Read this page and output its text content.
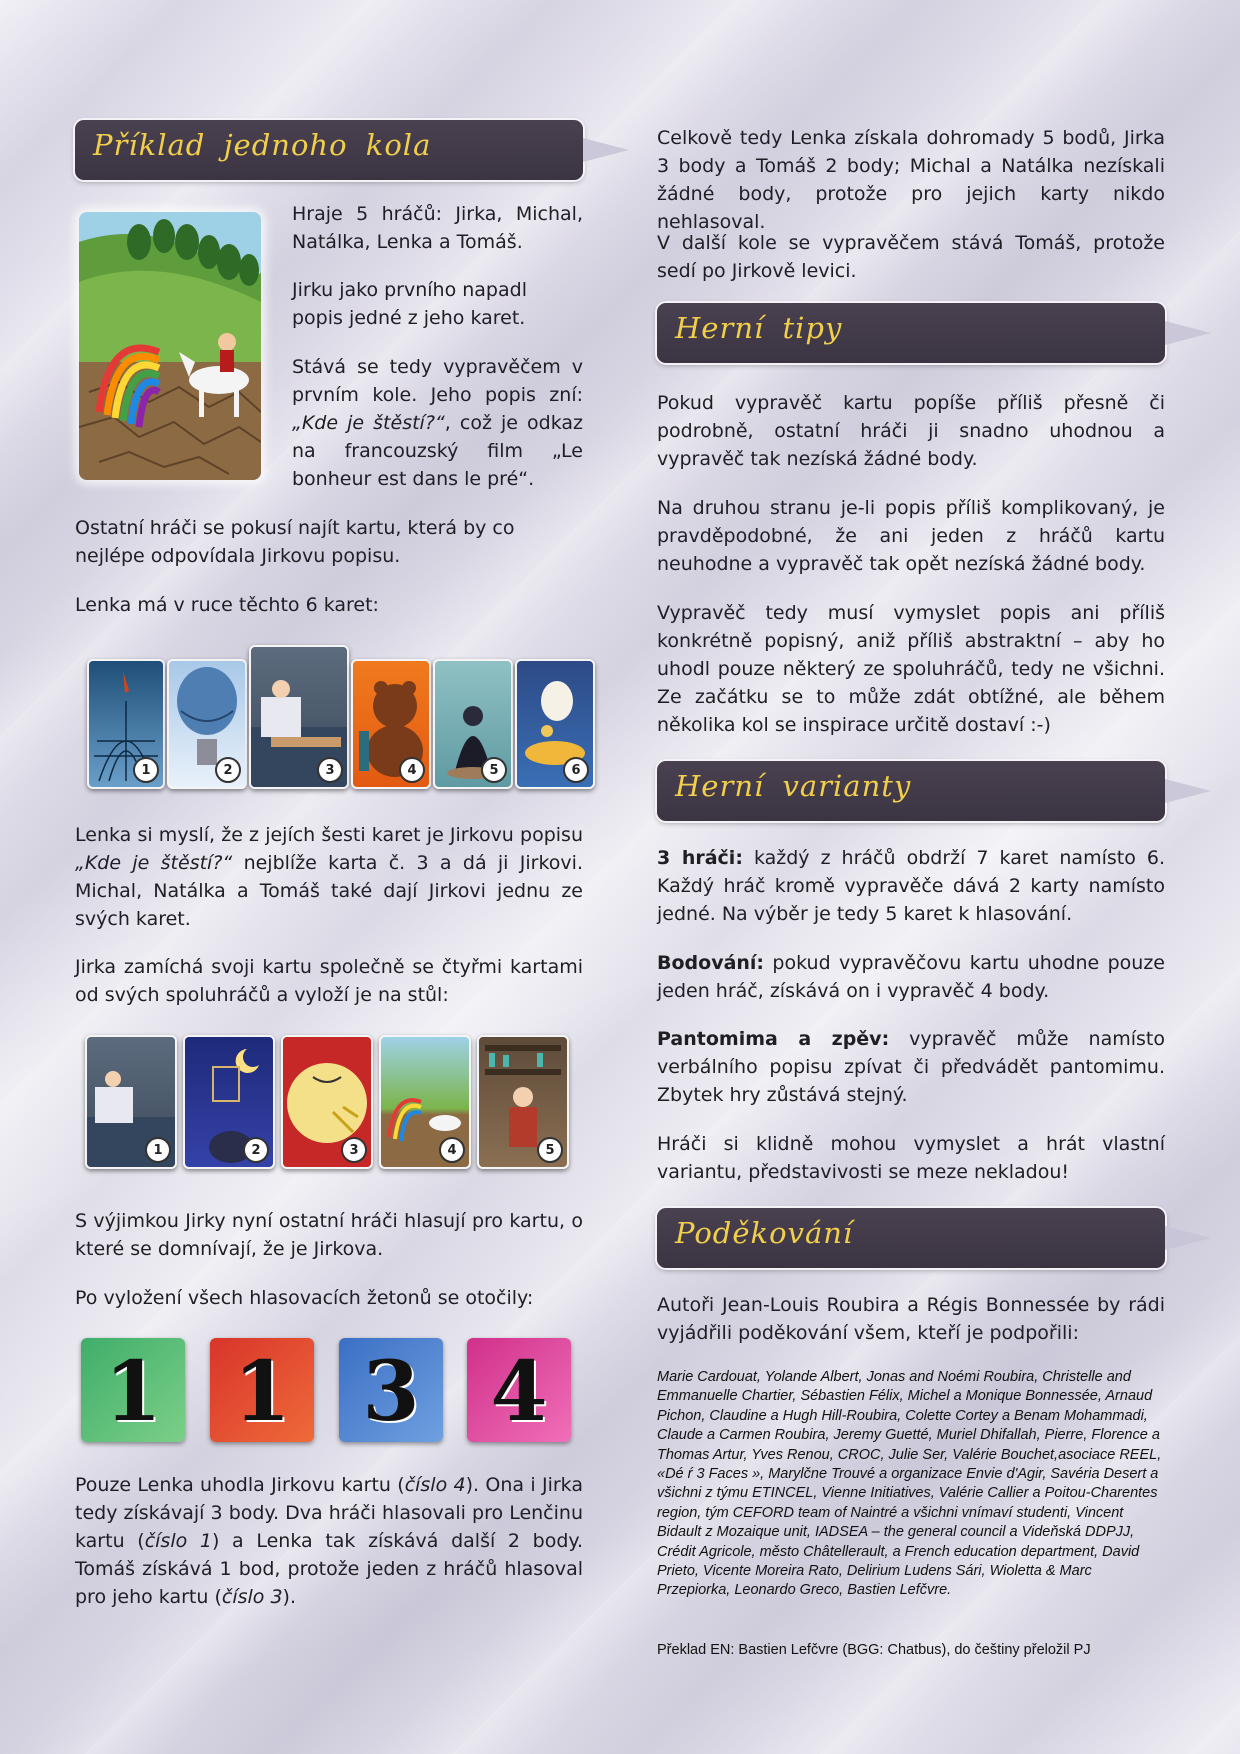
Příklad jednoho kola

Hraje 5 hráčů: Jirka, Michal, Natálka, Lenka a Tomáš.

Jirku jako prvního napadl popis jedné z jeho karet.

Stává se tedy vypravěčem v prvním kole. Jeho popis zní: „Kde je štěstí?“, což je odkaz na francouzský film „Le bonheur est dans le pré“.

Ostatní hráči se pokusí najít kartu, která by co nejlépe odpovídala Jirkovu popisu.

Lenka má v ruce těchto 6 karet:

1	2	3	4	5	6

Lenka si myslí, že z jejích šesti karet je Jirkovu popisu „Kde je štěstí?“ nejblíže karta č. 3 a dá ji Jirkovi. Michal, Natálka a Tomáš také dají Jirkovi jednu ze svých karet.

Jirka zamíchá svoji kartu společně se čtyřmi kartami od svých spoluhráčů a vyloží je na stůl:

1	2	3	4	5

S výjimkou Jirky nyní ostatní hráči hlasují pro kartu, o které se domnívají, že je Jirkova.

Po vyložení všech hlasovacích žetonů se otočily:

1 1 3 4

Pouze Lenka uhodla Jirkovu kartu (číslo 4). Ona i Jirka tedy získávají 3 body. Dva hráči hlasovali pro Lenčinu kartu (číslo 1) a Lenka tak získává další 2 body. Tomáš získává 1 bod, protože jeden z hráčů hlasoval pro jeho kartu (číslo 3).

Celkově tedy Lenka získala dohromady 5 bodů, Jirka 3 body a Tomáš 2 body; Michal a Natálka nezískali žádné body, protože pro jejich karty nikdo nehlasoval.

V další kole se vypravěčem stává Tomáš, protože sedí po Jirkově levici.

Herní tipy

Pokud vypravěč kartu popíše příliš přesně či podrobně, ostatní hráči ji snadno uhodnou a vypravěč tak nezíská žádné body.

Na druhou stranu je-li popis příliš komplikovaný, je pravděpodobné, že ani jeden z hráčů kartu neuhodne a vypravěč tak opět nezíská žádné body.

Vypravěč tedy musí vymyslet popis ani příliš konkrétně popisný, aniž příliš abstraktní – aby ho uhodl pouze některý ze spoluhráčů, tedy ne všichni. Ze začátku se to může zdát obtížné, ale během několika kol se inspirace určitě dostaví :-)

Herní varianty

3 hráči: každý z hráčů obdrží 7 karet namísto 6. Každý hráč kromě vypravěče dává 2 karty namísto jedné. Na výběr je tedy 5 karet k hlasování.

Bodování: pokud vypravěčovu kartu uhodne pouze jeden hráč, získává on i vypravěč 4 body.

Pantomima a zpěv: vypravěč může namísto verbálního popisu zpívat či předvádět pantomimu. Zbytek hry zůstává stejný.

Hráči si klidně mohou vymyslet a hrát vlastní variantu, představivosti se meze nekladou!

Poděkování

Autoři Jean-Louis Roubira a Régis Bonnessée by rádi vyjádřili poděkování všem, kteří je podpořili:

Marie Cardouat, Yolande Albert, Jonas and Noémi Roubira, Christelle and Emmanuelle Chartier, Sébastien Félix, Michel a Monique Bonnessée, Arnaud Pichon, Claudine a Hugh Hill-Roubira, Colette Cortey a Benam Mohammadi, Claude a Carmen Roubira, Jeremy Guetté, Muriel Dhifallah, Pierre, Florence a Thomas Artur, Yves Renou, CROC, Julie Ser, Valérie Bouchet,asociace REEL, «Dé ŕ 3 Faces », Marylčne Trouvé a organizace Envie d'Agir, Savéria Desert a všichni z týmu ETINCEL, Vienne Initiatives, Valérie Callier a Poitou-Charentes region, tým CEFORD team of Naintré a všichni vnímaví studenti, Vincent Bidault z Mozaique unit, IADSEA – the general council a Videňská DDPJJ, Crédit Agricole, město Châtellerault, a French education department, David Prieto, Vicente Moreira Rato, Delirium Ludens Sári, Wioletta & Marc Przepiorka, Leonardo Greco, Bastien Lefčvre.

Překlad EN: Bastien Lefčvre (BGG: Chatbus), do češtiny přeložil PJ
